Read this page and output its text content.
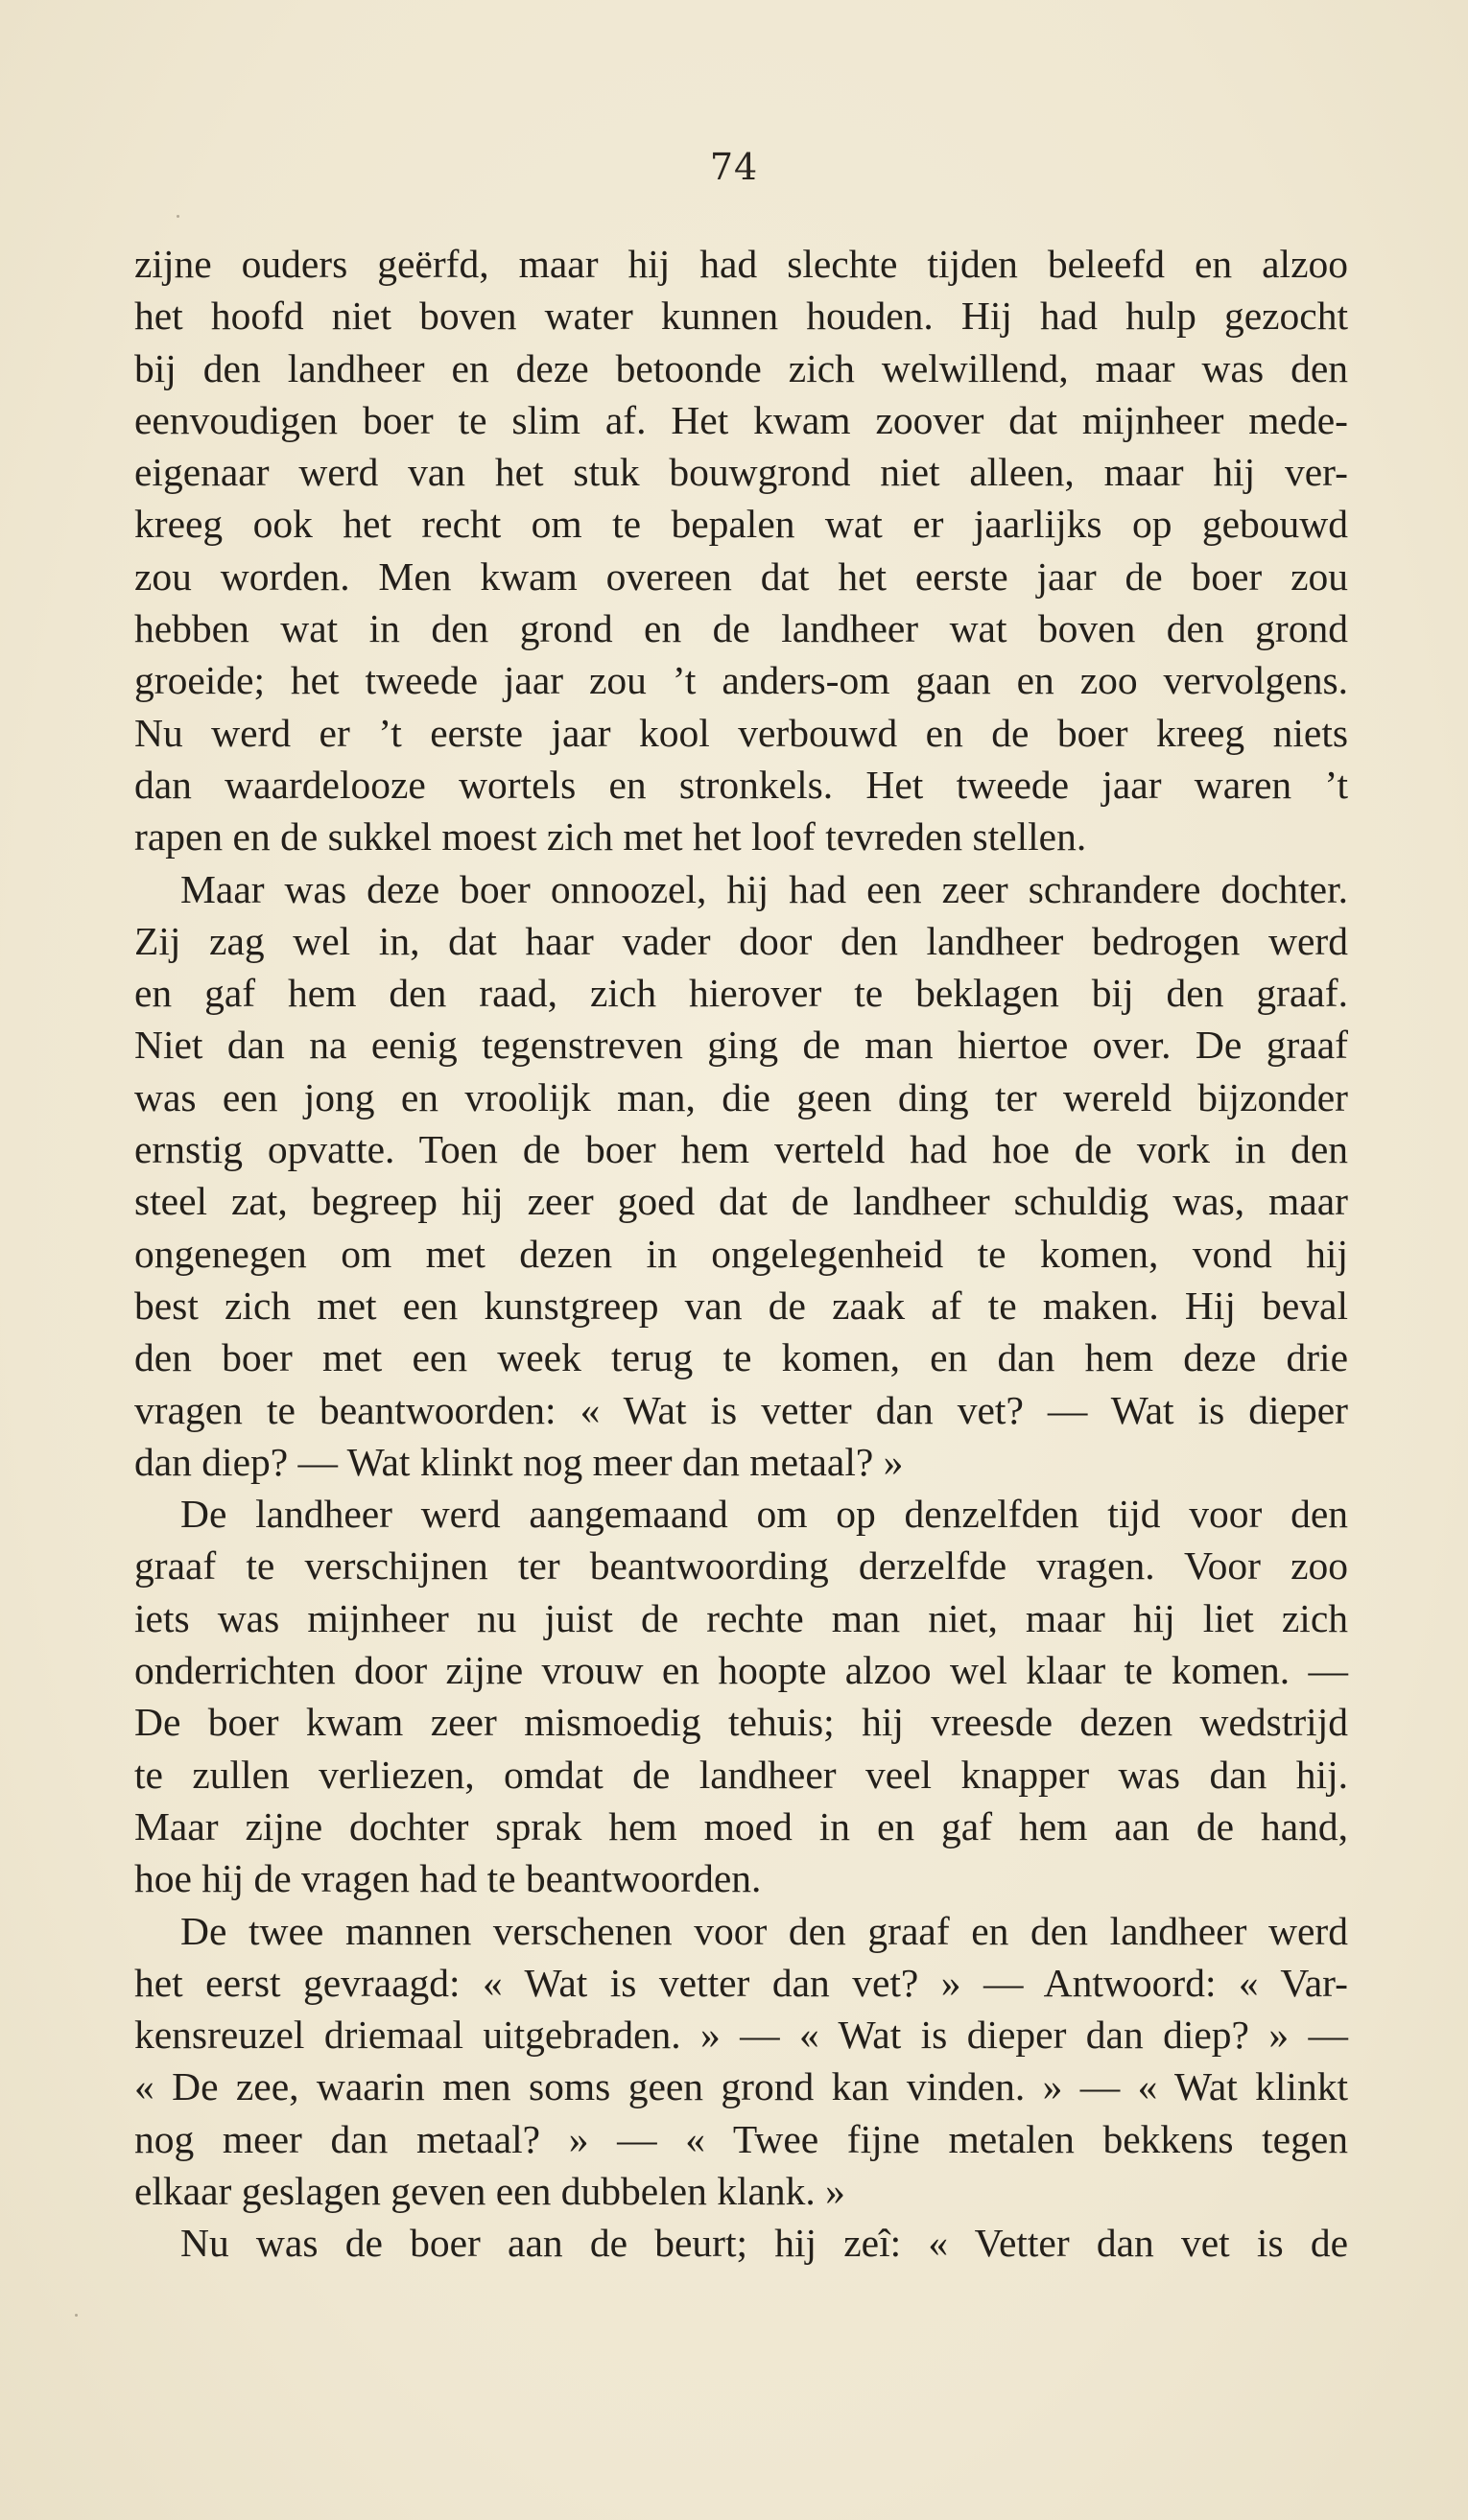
74
zijne ouders geërfd, maar hij had slechte tijden beleefd en alzoo
het hoofd niet boven water kunnen houden. Hij had hulp gezocht
bij den landheer en deze betoonde zich welwillend, maar was den
eenvoudigen boer te slim af. Het kwam zoover dat mijnheer mede-
eigenaar werd van het stuk bouwgrond niet alleen, maar hij ver-
kreeg ook het recht om te bepalen wat er jaarlijks op gebouwd
zou worden. Men kwam overeen dat het eerste jaar de boer zou
hebben wat in den grond en de landheer wat boven den grond
groeide; het tweede jaar zou ’t anders-om gaan en zoo vervolgens.
Nu werd er ’t eerste jaar kool verbouwd en de boer kreeg niets
dan waardelooze wortels en stronkels. Het tweede jaar waren ’t
rapen en de sukkel moest zich met het loof tevreden stellen.
Maar was deze boer onnoozel, hij had een zeer schrandere dochter.
Zij zag wel in, dat haar vader door den landheer bedrogen werd
en gaf hem den raad, zich hierover te beklagen bij den graaf.
Niet dan na eenig tegenstreven ging de man hiertoe over. De graaf
was een jong en vroolijk man, die geen ding ter wereld bijzonder
ernstig opvatte. Toen de boer hem verteld had hoe de vork in den
steel zat, begreep hij zeer goed dat de landheer schuldig was, maar
ongenegen om met dezen in ongelegenheid te komen, vond hij
best zich met een kunstgreep van de zaak af te maken. Hij beval
den boer met een week terug te komen, en dan hem deze drie
vragen te beantwoorden: « Wat is vetter dan vet? — Wat is dieper
dan diep? — Wat klinkt nog meer dan metaal? »
De landheer werd aangemaand om op denzelfden tijd voor den
graaf te verschijnen ter beantwoording derzelfde vragen. Voor zoo
iets was mijnheer nu juist de rechte man niet, maar hij liet zich
onderrichten door zijne vrouw en hoopte alzoo wel klaar te komen. —
De boer kwam zeer mismoedig tehuis; hij vreesde dezen wedstrijd
te zullen verliezen, omdat de landheer veel knapper was dan hij.
Maar zijne dochter sprak hem moed in en gaf hem aan de hand,
hoe hij de vragen had te beantwoorden.
De twee mannen verschenen voor den graaf en den landheer werd
het eerst gevraagd: « Wat is vetter dan vet? » — Antwoord: « Var-
kensreuzel driemaal uitgebraden. » — « Wat is dieper dan diep? » —
« De zee, waarin men soms geen grond kan vinden. » — « Wat klinkt
nog meer dan metaal? » — « Twee fijne metalen bekkens tegen
elkaar geslagen geven een dubbelen klank. »
Nu was de boer aan de beurt; hij zeî: « Vetter dan vet is de
